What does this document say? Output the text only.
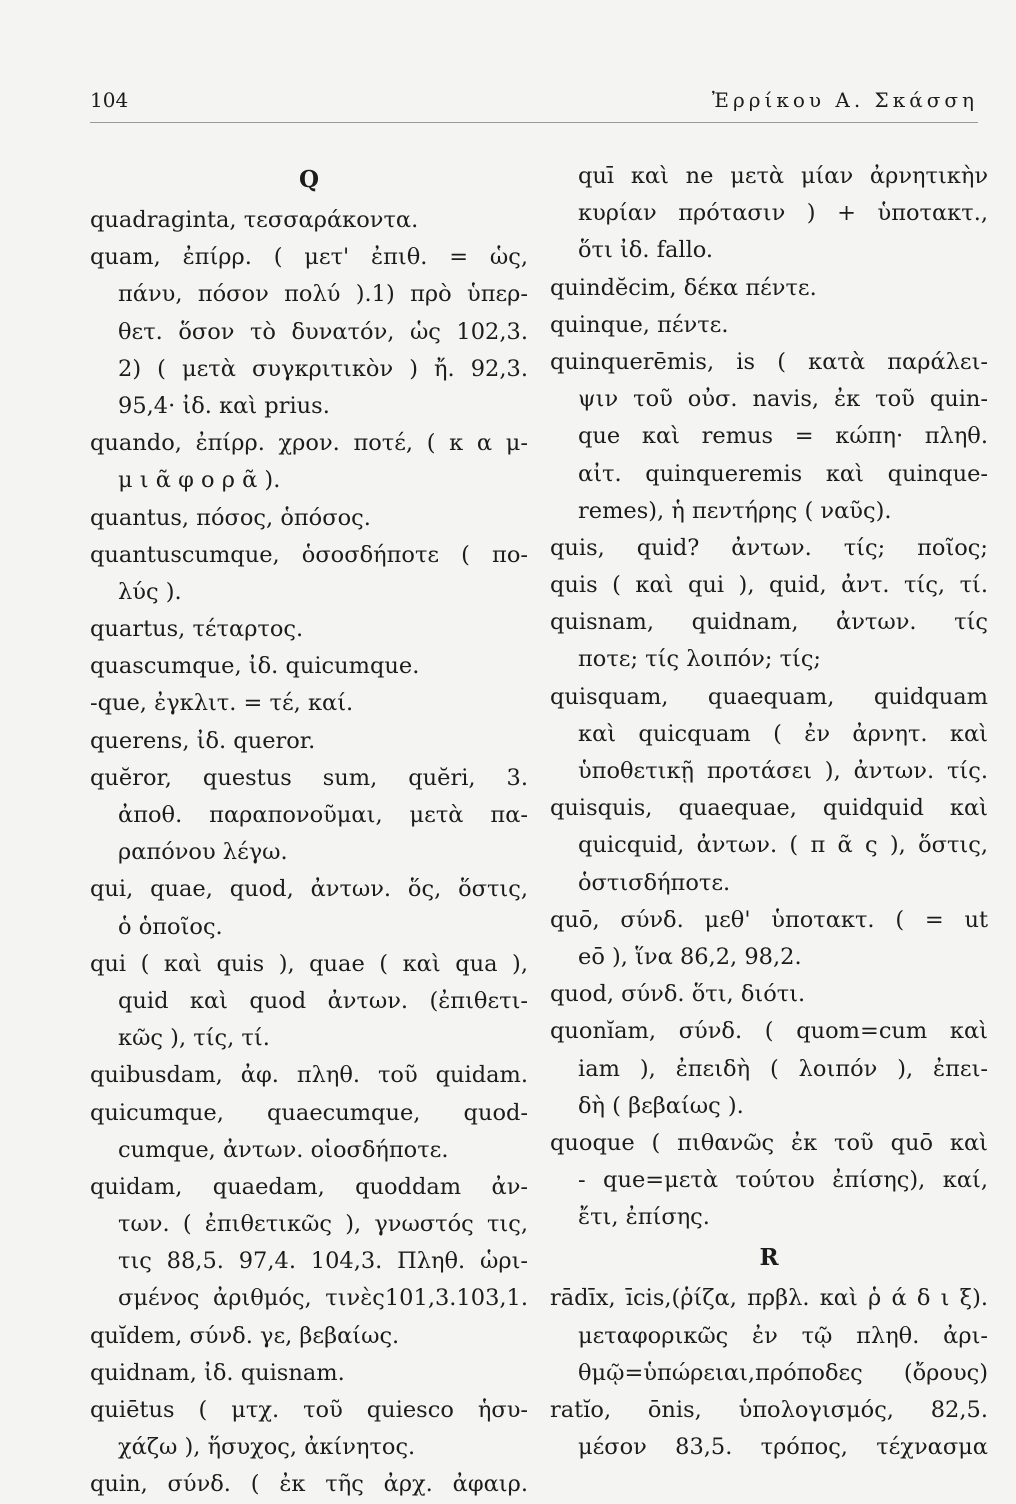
104	Ἐρρίκου Α. Σκάσση
Q
quadraginta, τεσσαράκοντα.
quam, ἐπίρρ. ( μετ' ἐπιθ. = ὡς,
πάνυ, πόσον πολύ ).1) πρὸ ὑπερ-
θετ. ὅσον τὸ δυνατόν, ὡς 102,3.
2) ( μετὰ συγκριτικὸν ) ἤ. 92,3.
95,4· ἰδ. καὶ prius.
quando, ἐπίρρ. χρον. ποτέ, ( κ α μ-
μ ι ᾶ φ ο ρ ᾶ ).
quantus, πόσος, ὁπόσος.
quantuscumque, ὁσοσδήποτε ( πο-
λύς ).
quartus, τέταρτος.
quascumque, ἰδ. quicumque.
-que, ἐγκλιτ. = τέ, καί.
querens, ἰδ. queror.
quĕror, questus sum, quĕri, 3.
ἀποθ. παραπονοῦμαι, μετὰ πα-
ραπόνου λέγω.
qui, quae, quod, ἀντων. ὅς, ὅστις,
ὁ ὁποῖος.
qui ( καὶ quis ), quae ( καὶ qua ),
quid καὶ quod ἀντων. (ἐπιθετι-
κῶς ), τίς, τί.
quibusdam, ἀφ. πληθ. τοῦ quidam.
quicumque, quaecumque, quod-
cumque, ἀντων. οἱοσδήποτε.
quidam, quaedam, quoddam ἀν-
των. ( ἐπιθετικῶς ), γνωστός τις,
τις 88,5. 97,4. 104,3. Πληθ. ὡρι-
σμένος ἀριθμός, τινὲς101,3.103,1.
quĭdem, σύνδ. γε, βεβαίως.
quidnam, ἰδ. quisnam.
quiētus ( μτχ. τοῦ quiesco ἡσυ-
χάζω ), ἥσυχος, ἀκίνητος.
quin, σύνδ. ( ἐκ τῆς ἀρχ. ἀφαιρ.
quī καὶ ne μετὰ μίαν ἀρνητικὴν
κυρίαν πρότασιν ) + ὑποτακτ.,
ὅτι ἰδ. fallo.
quindĕcim, δέκα πέντε.
quinque, πέντε.
quinquerēmis, is ( κατὰ παράλει-
ψιν τοῦ οὐσ. navis, ἐκ τοῦ quin-
que καὶ remus = κώπη· πληθ.
αἰτ. quinqueremis καὶ quinque-
remes), ἡ πεντήρης ( ναῦς).
quis, quid? ἀντων. τίς; ποῖος;
quis ( καὶ qui ), quid, ἀντ. τίς, τί.
quisnam, quidnam, ἀντων. τίς
ποτε; τίς λοιπόν; τίς;
quisquam, quaequam, quidquam
καὶ quicquam ( ἐν ἀρνητ. καὶ
ὑποθετικῇ προτάσει ), ἀντων. τίς.
quisquis, quaequae, quidquid καὶ
quicquid, ἀντων. ( π ᾶ ς ), ὅστις,
ὁστισδήποτε.
quō, σύνδ. μεθ' ὑποτακτ. ( = ut
eō ), ἵνα 86,2, 98,2.
quod, σύνδ. ὅτι, διότι.
quonĭam, σύνδ. ( quom=cum καὶ
iam ), ἐπειδὴ ( λοιπόν ), ἐπει-
δὴ ( βεβαίως ).
quoque ( πιθανῶς ἐκ τοῦ quō καὶ
- que=μετὰ τούτου ἐπίσης), καί,
ἔτι, ἐπίσης.
R
rādīx, īcis,(ῥίζα, πρβλ. καὶ ῥ ά δ ι ξ).
μεταφορικῶς ἐν τῷ πληθ. ἀρι-
θμῷ=ὑπώρειαι,πρόποδες (ὄρους)
ratĭo, ōnis, ὑπολογισμός, 82,5.
μέσον 83,5. τρόπος, τέχνασμα
